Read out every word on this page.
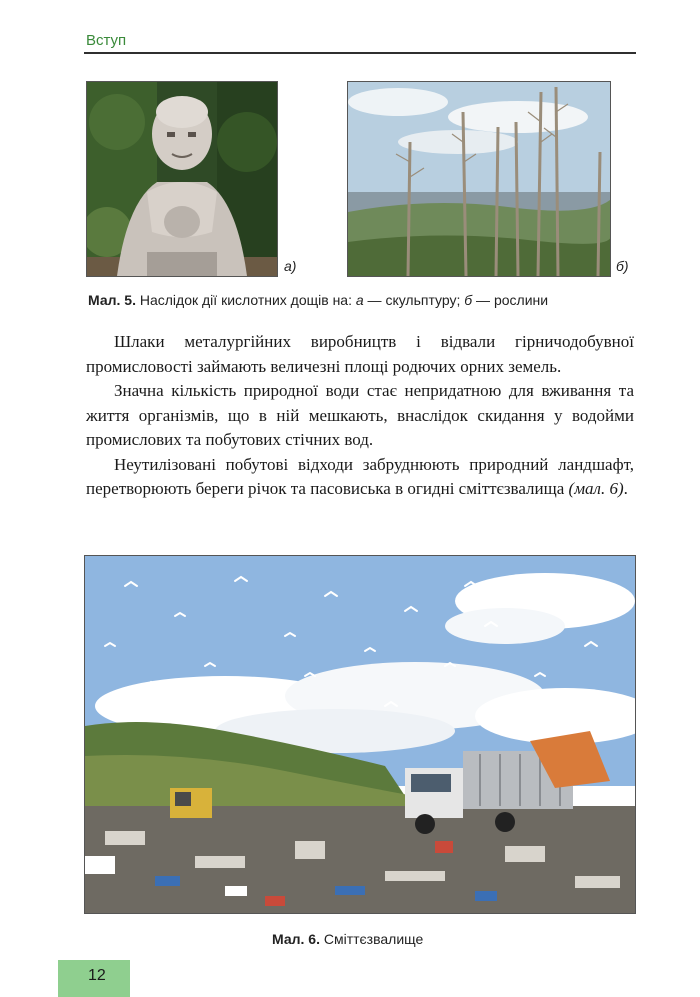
Вступ
а)	б)
Мал. 5. Наслідок дії кислотних дощів на: а — скульптуру; б — рослини

Шлаки металургійних виробництв і відвали гірничодобувної промисловості займають величезні площі родючих орних земель.

Значна кількість природної води стає непридатною для вживання та життя організмів, що в ній мешкають, внаслідок скидання у водойми промислових та побутових стічних вод.

Неутилізовані побутові відходи забруднюють природний ландшафт, перетворюють береги річок та пасовиська в огидні сміттєзвалища (мал. 6).

Мал. 6. Сміттєзвалище
12
